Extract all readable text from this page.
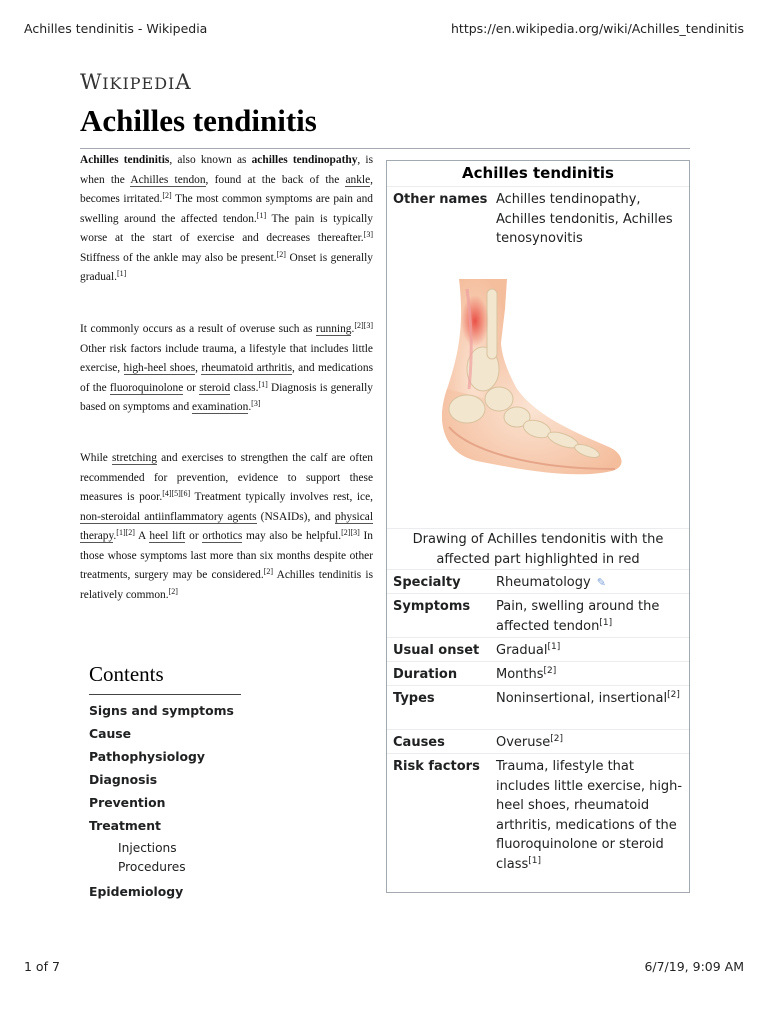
Achilles tendinitis - Wikipedia	https://en.wikipedia.org/wiki/Achilles_tendinitis
WIKIPEDIA
Achilles tendinitis
Achilles tendinitis, also known as achilles tendinopathy, is when the Achilles tendon, found at the back of the ankle, becomes irritated.[2] The most common symptoms are pain and swelling around the affected tendon.[1] The pain is typically worse at the start of exercise and decreases thereafter.[3] Stiffness of the ankle may also be present.[2] Onset is generally gradual.[1]
It commonly occurs as a result of overuse such as running.[2][3] Other risk factors include trauma, a lifestyle that includes little exercise, high-heel shoes, rheumatoid arthritis, and medications of the fluoroquinolone or steroid class.[1] Diagnosis is generally based on symptoms and examination.[3]
While stretching and exercises to strengthen the calf are often recommended for prevention, evidence to support these measures is poor.[4][5][6] Treatment typically involves rest, ice, non-steroidal antiinflammatory agents (NSAIDs), and physical therapy.[1][2] A heel lift or orthotics may also be helpful.[2][3] In those whose symptoms last more than six months despite other treatments, surgery may be considered.[2] Achilles tendinitis is relatively common.[2]
Contents
Signs and symptoms
Cause
Pathophysiology
Diagnosis
Prevention
Treatment
Injections
Procedures
Epidemiology
Achilles tendinitis
Other names Achilles tendinopathy, Achilles tendonitis, Achilles tenosynovitis
Drawing of Achilles tendonitis with the affected part highlighted in red
Specialty	Rheumatology ✎
Symptoms	Pain, swelling around the affected tendon[1]
Usual onset	Gradual[1]
Duration	Months[2]
Types	Noninsertional, insertional[2]
Causes	Overuse[2]
Risk factors	Trauma, lifestyle that includes little exercise, high-heel shoes, rheumatoid arthritis, medications of the fluoroquinolone or steroid class[1]
1 of 7	6/7/19, 9:09 AM
